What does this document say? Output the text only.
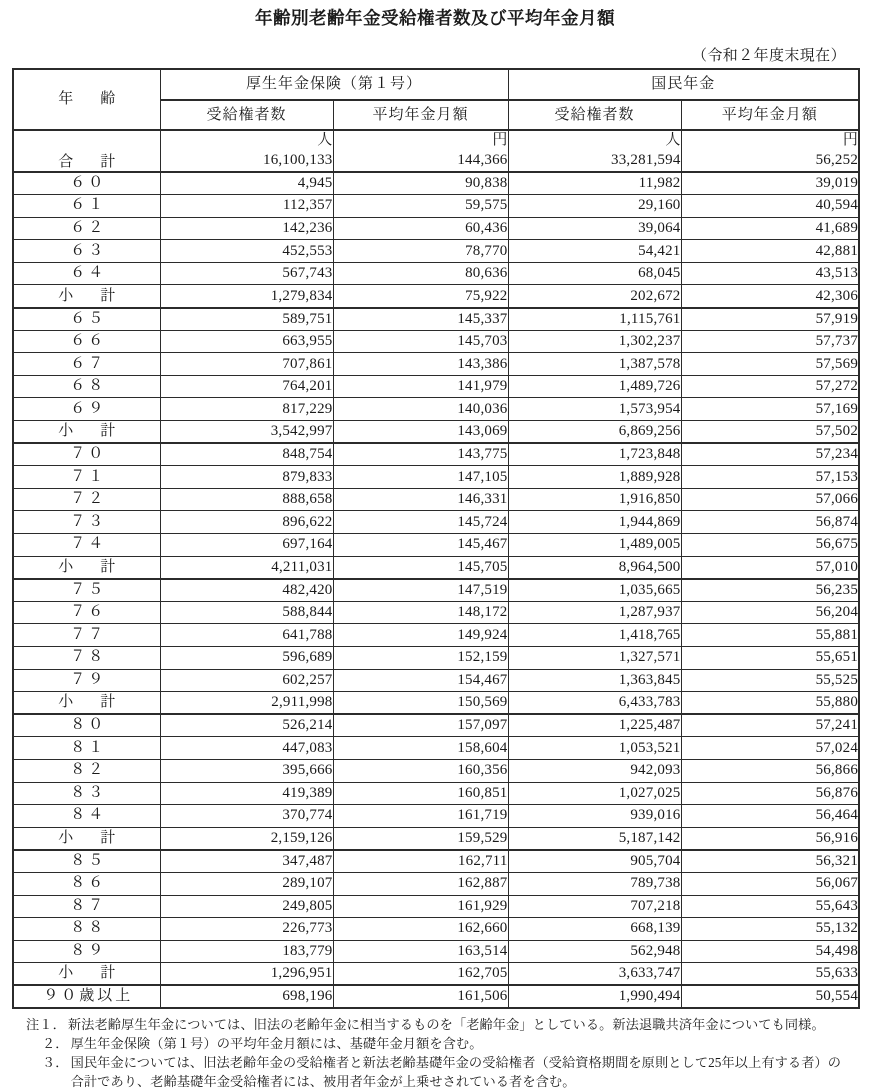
年齢別老齢年金受給権者数及び平均年金月額
（令和２年度末現在）
年　齢	厚生年金保険（第１号）		国民年金	
	受給権者数	平均年金月額	受給権者数	平均年金月額
	人	円	人	円
合　計	16,100,133	144,366	33,281,594	56,252
６０	4,945	90,838	11,982	39,019
６１	112,357	59,575	29,160	40,594
６２	142,236	60,436	39,064	41,689
６３	452,553	78,770	54,421	42,881
６４	567,743	80,636	68,045	43,513
小　計	1,279,834	75,922	202,672	42,306
６５	589,751	145,337	1,115,761	57,919
６６	663,955	145,703	1,302,237	57,737
６７	707,861	143,386	1,387,578	57,569
６８	764,201	141,979	1,489,726	57,272
６９	817,229	140,036	1,573,954	57,169
小　計	3,542,997	143,069	6,869,256	57,502
７０	848,754	143,775	1,723,848	57,234
７１	879,833	147,105	1,889,928	57,153
７２	888,658	146,331	1,916,850	57,066
７３	896,622	145,724	1,944,869	56,874
７４	697,164	145,467	1,489,005	56,675
小　計	4,211,031	145,705	8,964,500	57,010
７５	482,420	147,519	1,035,665	56,235
７６	588,844	148,172	1,287,937	56,204
７７	641,788	149,924	1,418,765	55,881
７８	596,689	152,159	1,327,571	55,651
７９	602,257	154,467	1,363,845	55,525
小　計	2,911,998	150,569	6,433,783	55,880
８０	526,214	157,097	1,225,487	57,241
８１	447,083	158,604	1,053,521	57,024
８２	395,666	160,356	942,093	56,866
８３	419,389	160,851	1,027,025	56,876
８４	370,774	161,719	939,016	56,464
小　計	2,159,126	159,529	5,187,142	56,916
８５	347,487	162,711	905,704	56,321
８６	289,107	162,887	789,738	56,067
８７	249,805	161,929	707,218	55,643
８８	226,773	162,660	668,139	55,132
８９	183,779	163,514	562,948	54,498
小　計	1,296,951	162,705	3,633,747	55,633
９０歳以上	698,196	161,506	1,990,494	50,554
注１． 新法老齢厚生年金については、旧法の老齢年金に相当するものを「老齢年金」としている。新法退職共済年金についても同様。
２． 厚生年金保険（第１号）の平均年金月額には、基礎年金月額を含む。
３． 国民年金については、旧法老齢年金の受給権者と新法老齢基礎年金の受給権者（受給資格期間を原則として25年以上有する者）の合計であり、老齢基礎年金受給権者には、被用者年金が上乗せされている者を含む。
